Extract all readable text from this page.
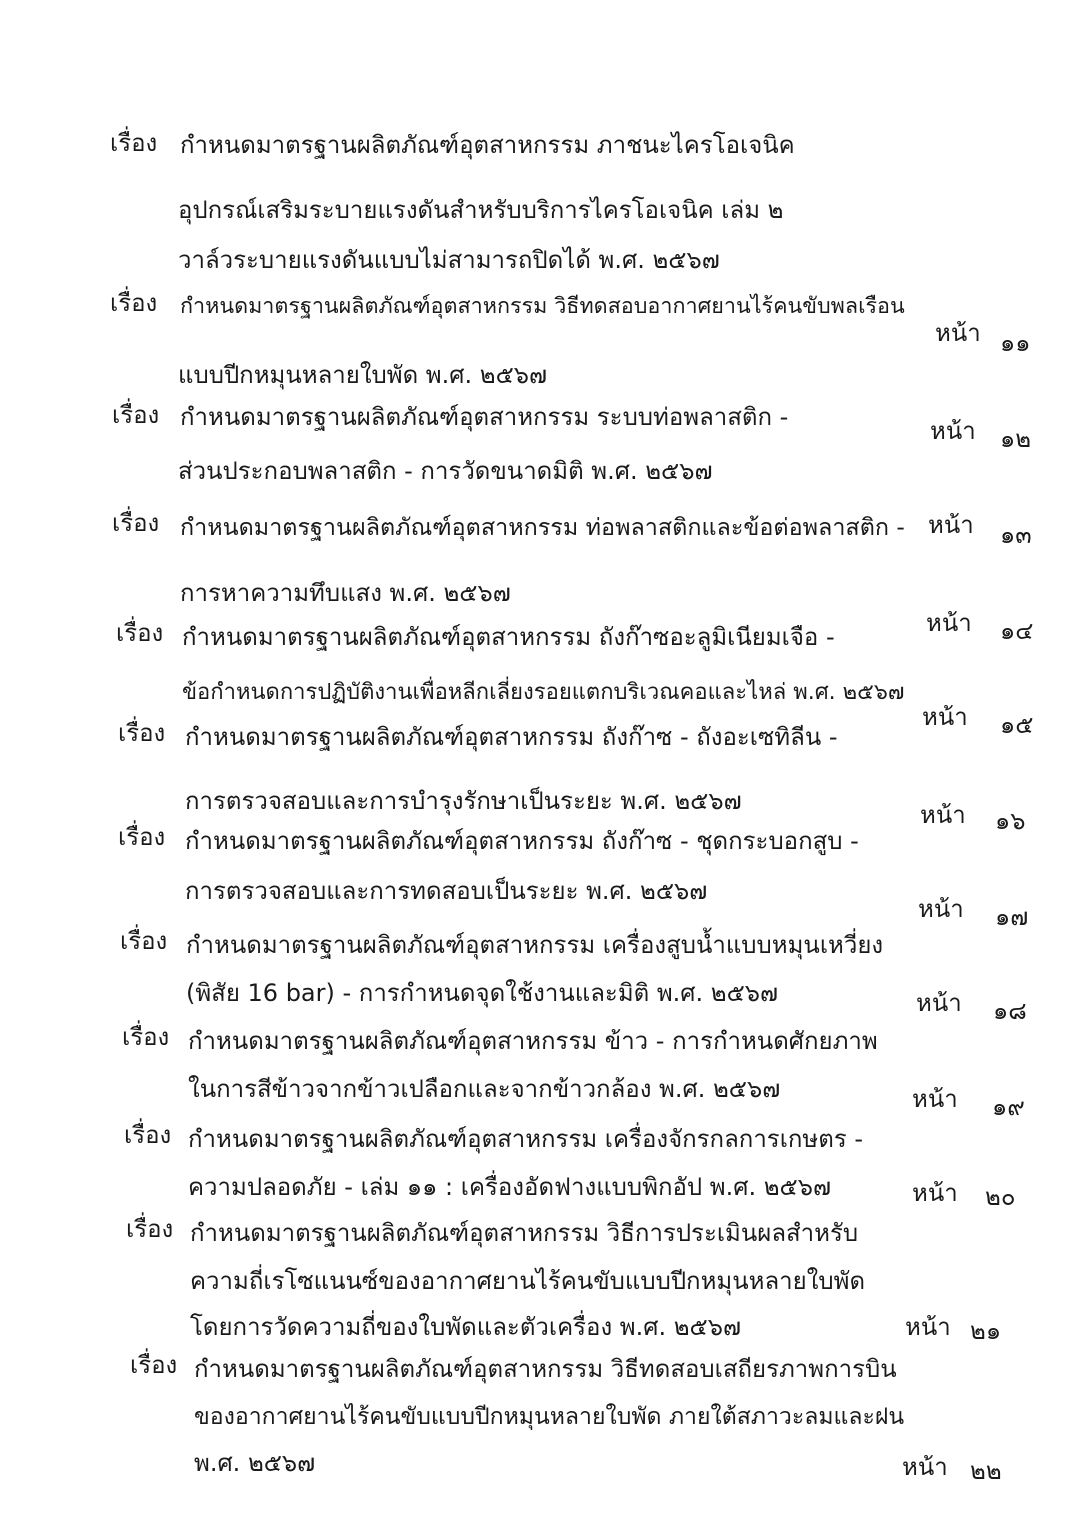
เรื่อง กำหนดมาตรฐานผลิตภัณฑ์อุตสาหกรรม ภาชนะไครโอเจนิค
อุปกรณ์เสริมระบายแรงดันสำหรับบริการไครโอเจนิค เล่ม ๒
วาล์วระบายแรงดันแบบไม่สามารถปิดได้ พ.ศ. ๒๕๖๗
หน้า ๑๑
เรื่อง กำหนดมาตรฐานผลิตภัณฑ์อุตสาหกรรม วิธีทดสอบอากาศยานไร้คนขับพลเรือน
แบบปีกหมุนหลายใบพัด พ.ศ. ๒๕๖๗
หน้า ๑๒
เรื่อง กำหนดมาตรฐานผลิตภัณฑ์อุตสาหกรรม ระบบท่อพลาสติก -
ส่วนประกอบพลาสติก - การวัดขนาดมิติ พ.ศ. ๒๕๖๗
หน้า ๑๓
เรื่อง กำหนดมาตรฐานผลิตภัณฑ์อุตสาหกรรม ท่อพลาสติกและข้อต่อพลาสติก -
การหาความทึบแสง พ.ศ. ๒๕๖๗
หน้า ๑๔
เรื่อง กำหนดมาตรฐานผลิตภัณฑ์อุตสาหกรรม ถังก๊าซอะลูมิเนียมเจือ -
ข้อกำหนดการปฏิบัติงานเพื่อหลีกเลี่ยงรอยแตกบริเวณคอและไหล่ พ.ศ. ๒๕๖๗
หน้า ๑๕
เรื่อง กำหนดมาตรฐานผลิตภัณฑ์อุตสาหกรรม ถังก๊าซ - ถังอะเซทิลีน -
การตรวจสอบและการบำรุงรักษาเป็นระยะ พ.ศ. ๒๕๖๗	หน้า ๑๖
เรื่อง กำหนดมาตรฐานผลิตภัณฑ์อุตสาหกรรม ถังก๊าซ - ชุดกระบอกสูบ -
การตรวจสอบและการทดสอบเป็นระยะ พ.ศ. ๒๕๖๗
หน้า ๑๗
เรื่อง กำหนดมาตรฐานผลิตภัณฑ์อุตสาหกรรม เครื่องสูบน้ำแบบหมุนเหวี่ยง
(พิสัย 16 bar) - การกำหนดจุดใช้งานและมิติ พ.ศ. ๒๕๖๗	หน้า ๑๘
เรื่อง กำหนดมาตรฐานผลิตภัณฑ์อุตสาหกรรม ข้าว - การกำหนดศักยภาพ
ในการสีข้าวจากข้าวเปลือกและจากข้าวกล้อง พ.ศ. ๒๕๖๗	หน้า ๑๙
เรื่อง กำหนดมาตรฐานผลิตภัณฑ์อุตสาหกรรม เครื่องจักรกลการเกษตร -
ความปลอดภัย - เล่ม ๑๑ : เครื่องอัดฟางแบบพิกอัป พ.ศ. ๒๕๖๗	หน้า ๒๐
เรื่อง กำหนดมาตรฐานผลิตภัณฑ์อุตสาหกรรม วิธีการประเมินผลสำหรับ
ความถี่เรโซแนนซ์ของอากาศยานไร้คนขับแบบปีกหมุนหลายใบพัด
โดยการวัดความถี่ของใบพัดและตัวเครื่อง พ.ศ. ๒๕๖๗	หน้า ๒๑
เรื่อง กำหนดมาตรฐานผลิตภัณฑ์อุตสาหกรรม วิธีทดสอบเสถียรภาพการบิน
ของอากาศยานไร้คนขับแบบปีกหมุนหลายใบพัด ภายใต้สภาวะลมและฝน
พ.ศ. ๒๕๖๗	หน้า ๒๒
